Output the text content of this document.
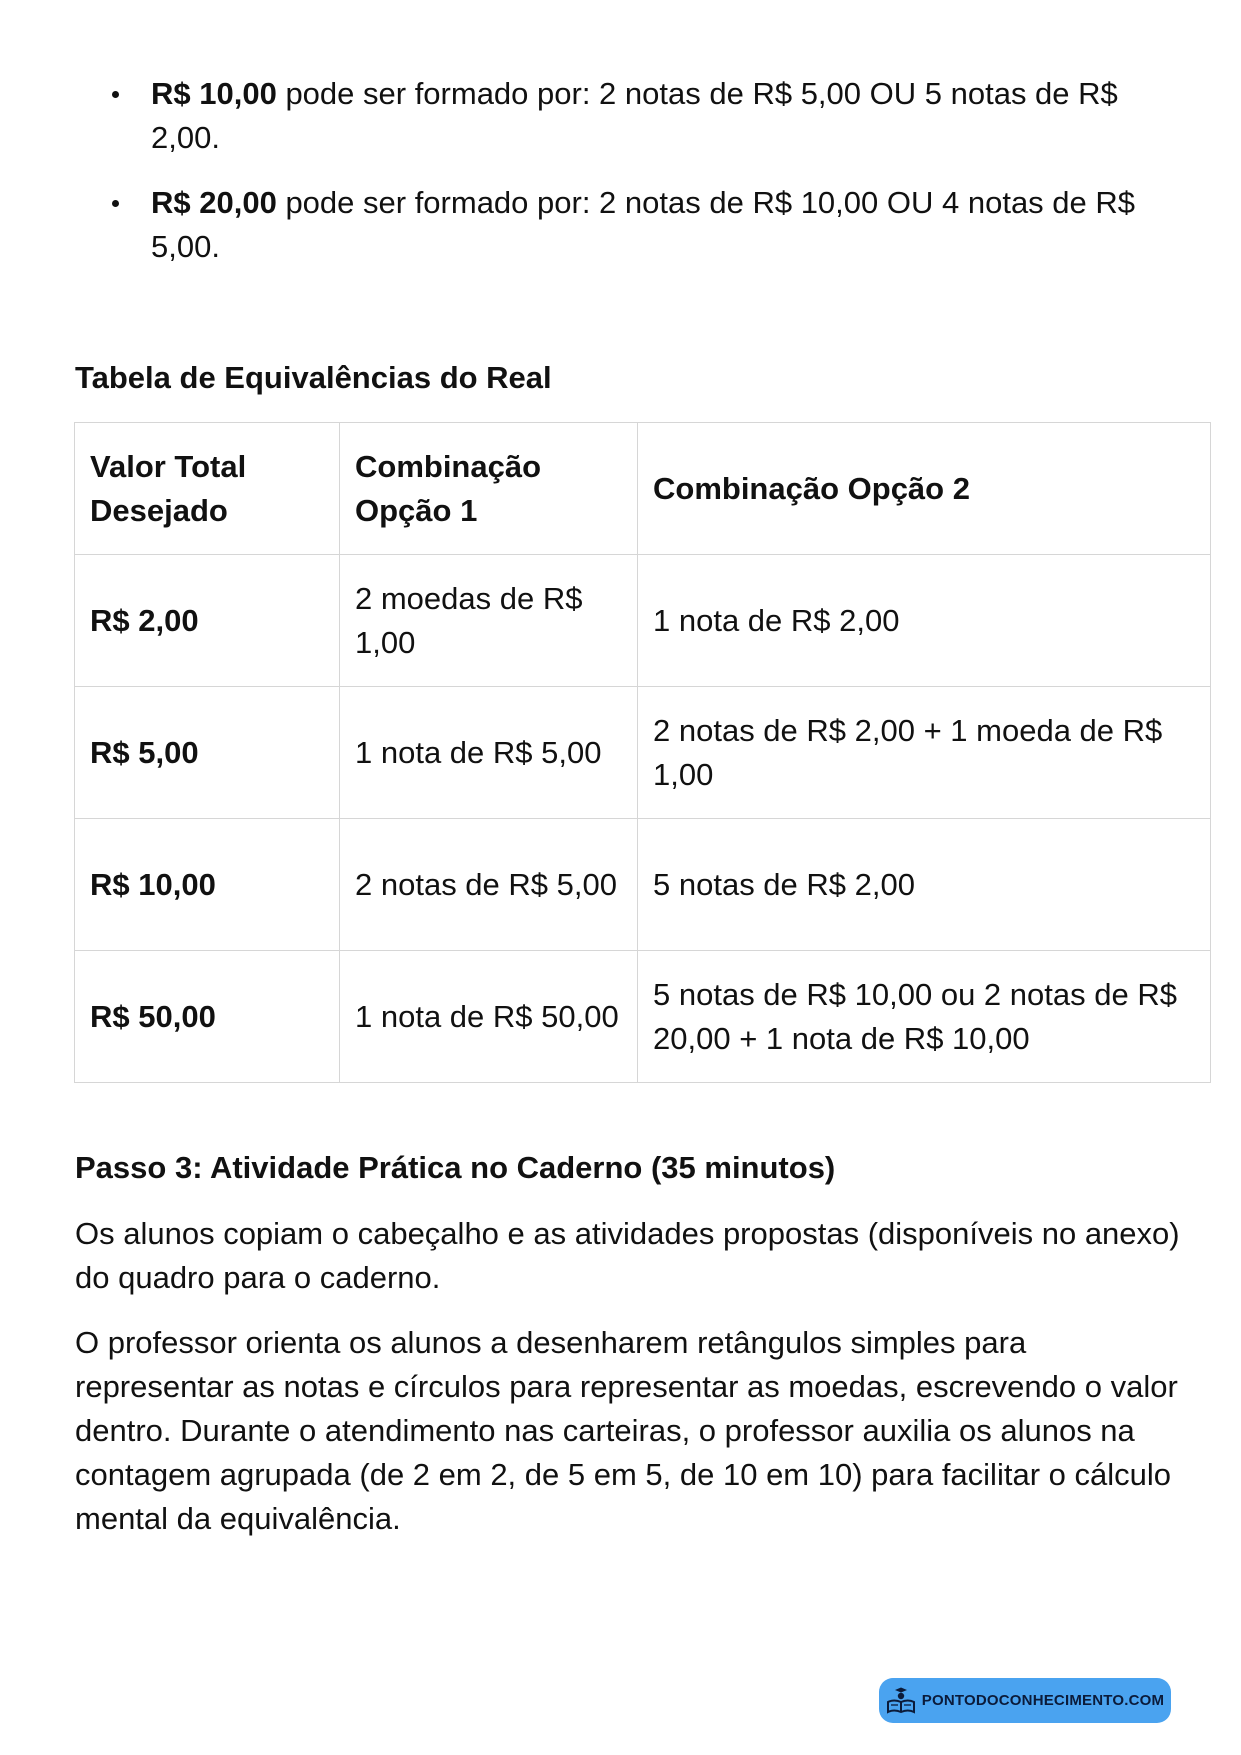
R$ 10,00 pode ser formado por: 2 notas de R$ 5,00 OU 5 notas de R$ 2,00.
R$ 20,00 pode ser formado por: 2 notas de R$ 10,00 OU 4 notas de R$ 5,00.
Tabela de Equivalências do Real
Valor Total Desejado	Combinação Opção 1	Combinação Opção 2
R$ 2,00	2 moedas de R$ 1,00	1 nota de R$ 2,00
R$ 5,00	1 nota de R$ 5,00	2 notas de R$ 2,00 + 1 moeda de R$ 1,00
R$ 10,00	2 notas de R$ 5,00	5 notas de R$ 2,00
R$ 50,00	1 nota de R$ 50,00	5 notas de R$ 10,00 ou 2 notas de R$ 20,00 + 1 nota de R$ 10,00
Passo 3: Atividade Prática no Caderno (35 minutos)

Os alunos copiam o cabeçalho e as atividades propostas (disponíveis no anexo) do quadro para o caderno.

O professor orienta os alunos a desenharem retângulos simples para representar as notas e círculos para representar as moedas, escrevendo o valor dentro. Durante o atendimento nas carteiras, o professor auxilia os alunos na contagem agrupada (de 2 em 2, de 5 em 5, de 10 em 10) para facilitar o cálculo mental da equivalência.

PONTODOCONHECIMENTO.COM
